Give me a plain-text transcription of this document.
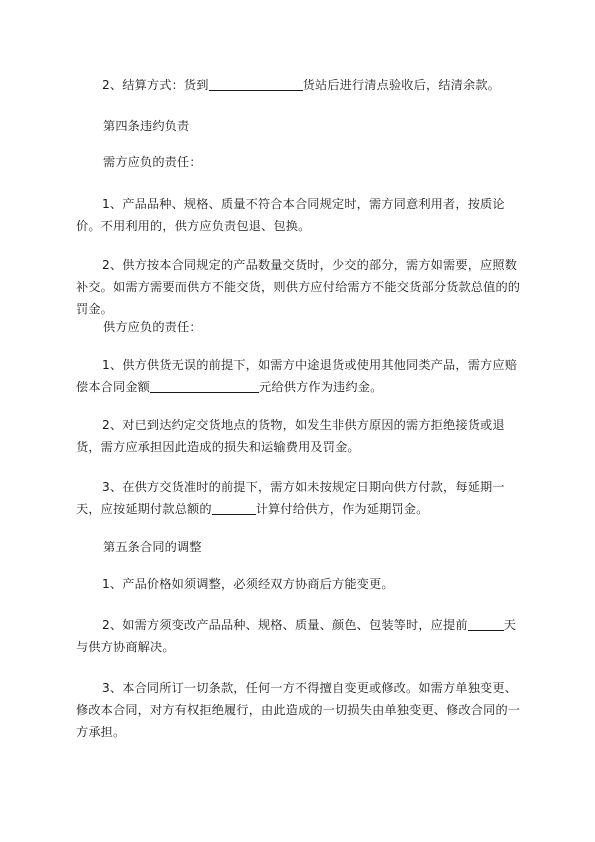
2、结算方式：货到	货站后进行清点验收后，结清余款。

第四条违约负责

需方应负的责任：

1、产品品种、规格、质量不符合本合同规定时，需方同意利用者，按质论价。不用利用的，供方应负责包退、包换。

2、供方按本合同规定的产品数量交货时，少交的部分，需方如需要，应照数补交。如需方需要而供方不能交货，则供方应付给需方不能交货部分货款总值的的罚金。

供方应负的责任：

1、供方供货无误的前提下，如需方中途退货或使用其他同类产品，需方应赔偿本合同金额	元给供方作为违约金。

2、对已到达约定交货地点的货物，如发生非供方原因的需方拒绝接货或退货，需方应承担因此造成的损失和运输费用及罚金。

3、在供方交货准时的前提下，需方如未按规定日期向供方付款，每延期一天，应按延期付款总额的	计算付给供方，作为延期罚金。

第五条合同的调整

1、产品价格如须调整，必须经双方协商后方能变更。

2、如需方须变改产品品种、规格、质量、颜色、包装等时，应提前	天与供方协商解决。

3、本合同所订一切条款，任何一方不得擅自变更或修改。如需方单独变更、修改本合同，对方有权拒绝履行，由此造成的一切损失由单独变更、修改合同的一方承担。
